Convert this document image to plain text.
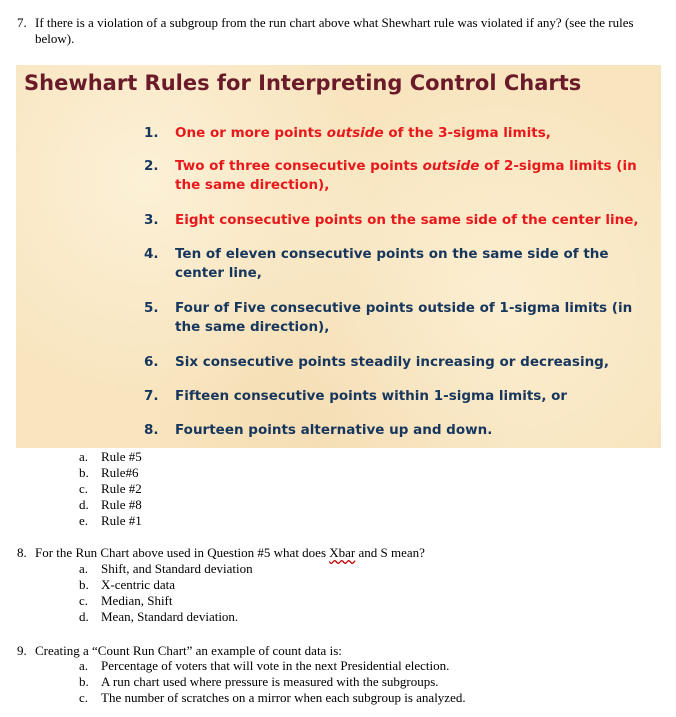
7. If there is a violation of a subgroup from the run chart above what Shewhart rule was violated if any? (see the rules below).
Shewhart Rules for Interpreting Control Charts
1. One or more points outside of the 3-sigma limits,
2. Two of three consecutive points outside of 2-sigma limits (in the same direction),
3. Eight consecutive points on the same side of the center line,
4. Ten of eleven consecutive points on the same side of the center line,
5. Four of Five consecutive points outside of 1-sigma limits (in the same direction),
6. Six consecutive points steadily increasing or decreasing,
7. Fifteen consecutive points within 1-sigma limits, or
8. Fourteen points alternative up and down.
a. Rule #5
b. Rule#6
c. Rule #2
d. Rule #8
e. Rule #1
8. For the Run Chart above used in Question #5 what does Xbar and S mean?
a. Shift, and Standard deviation
b. X-centric data
c. Median, Shift
d. Mean, Standard deviation.
9. Creating a “Count Run Chart” an example of count data is:
a. Percentage of voters that will vote in the next Presidential election.
b. A run chart used where pressure is measured with the subgroups.
c. The number of scratches on a mirror when each subgroup is analyzed.
